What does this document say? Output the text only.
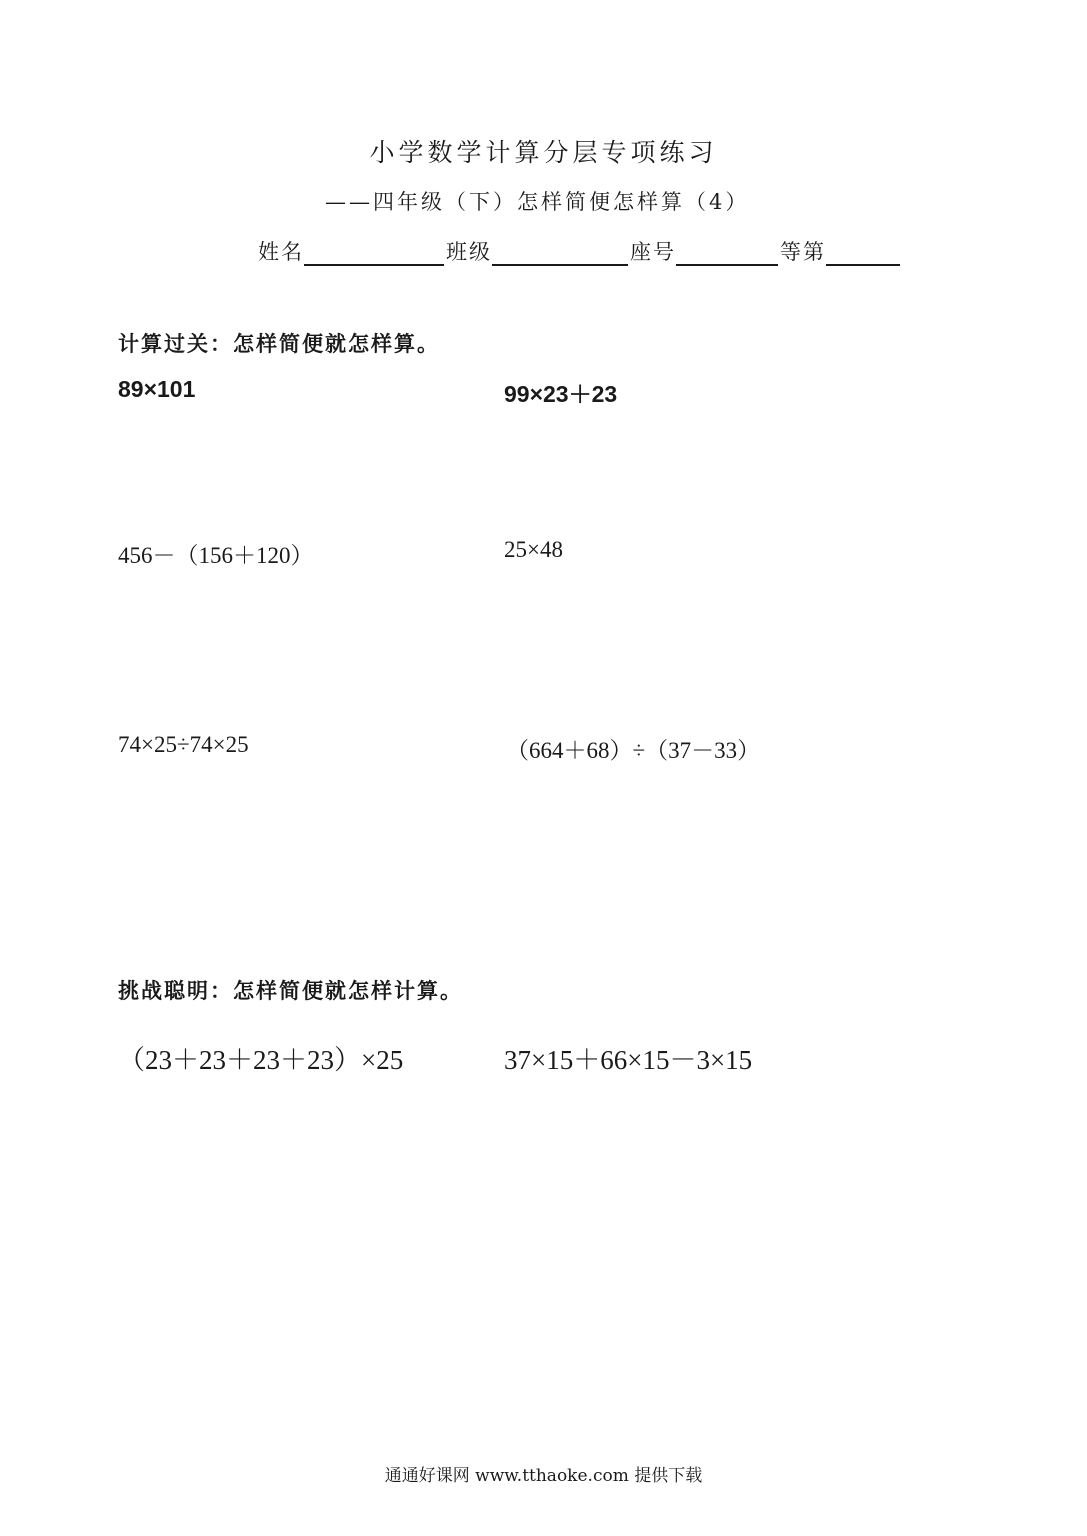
小学数学计算分层专项练习
——四年级（下）怎样简便怎样算（4）
姓名	班级	座号	等第
计算过关：怎样简便就怎样算。
89×101	99×23＋23
456－（156＋120）	25×48
74×25÷74×25	（664＋68）÷（37－33）
挑战聪明：怎样简便就怎样计算。
（23＋23＋23＋23）×25	37×15＋66×15－3×15
通通好课网 www.tthaoke.com 提供下载
